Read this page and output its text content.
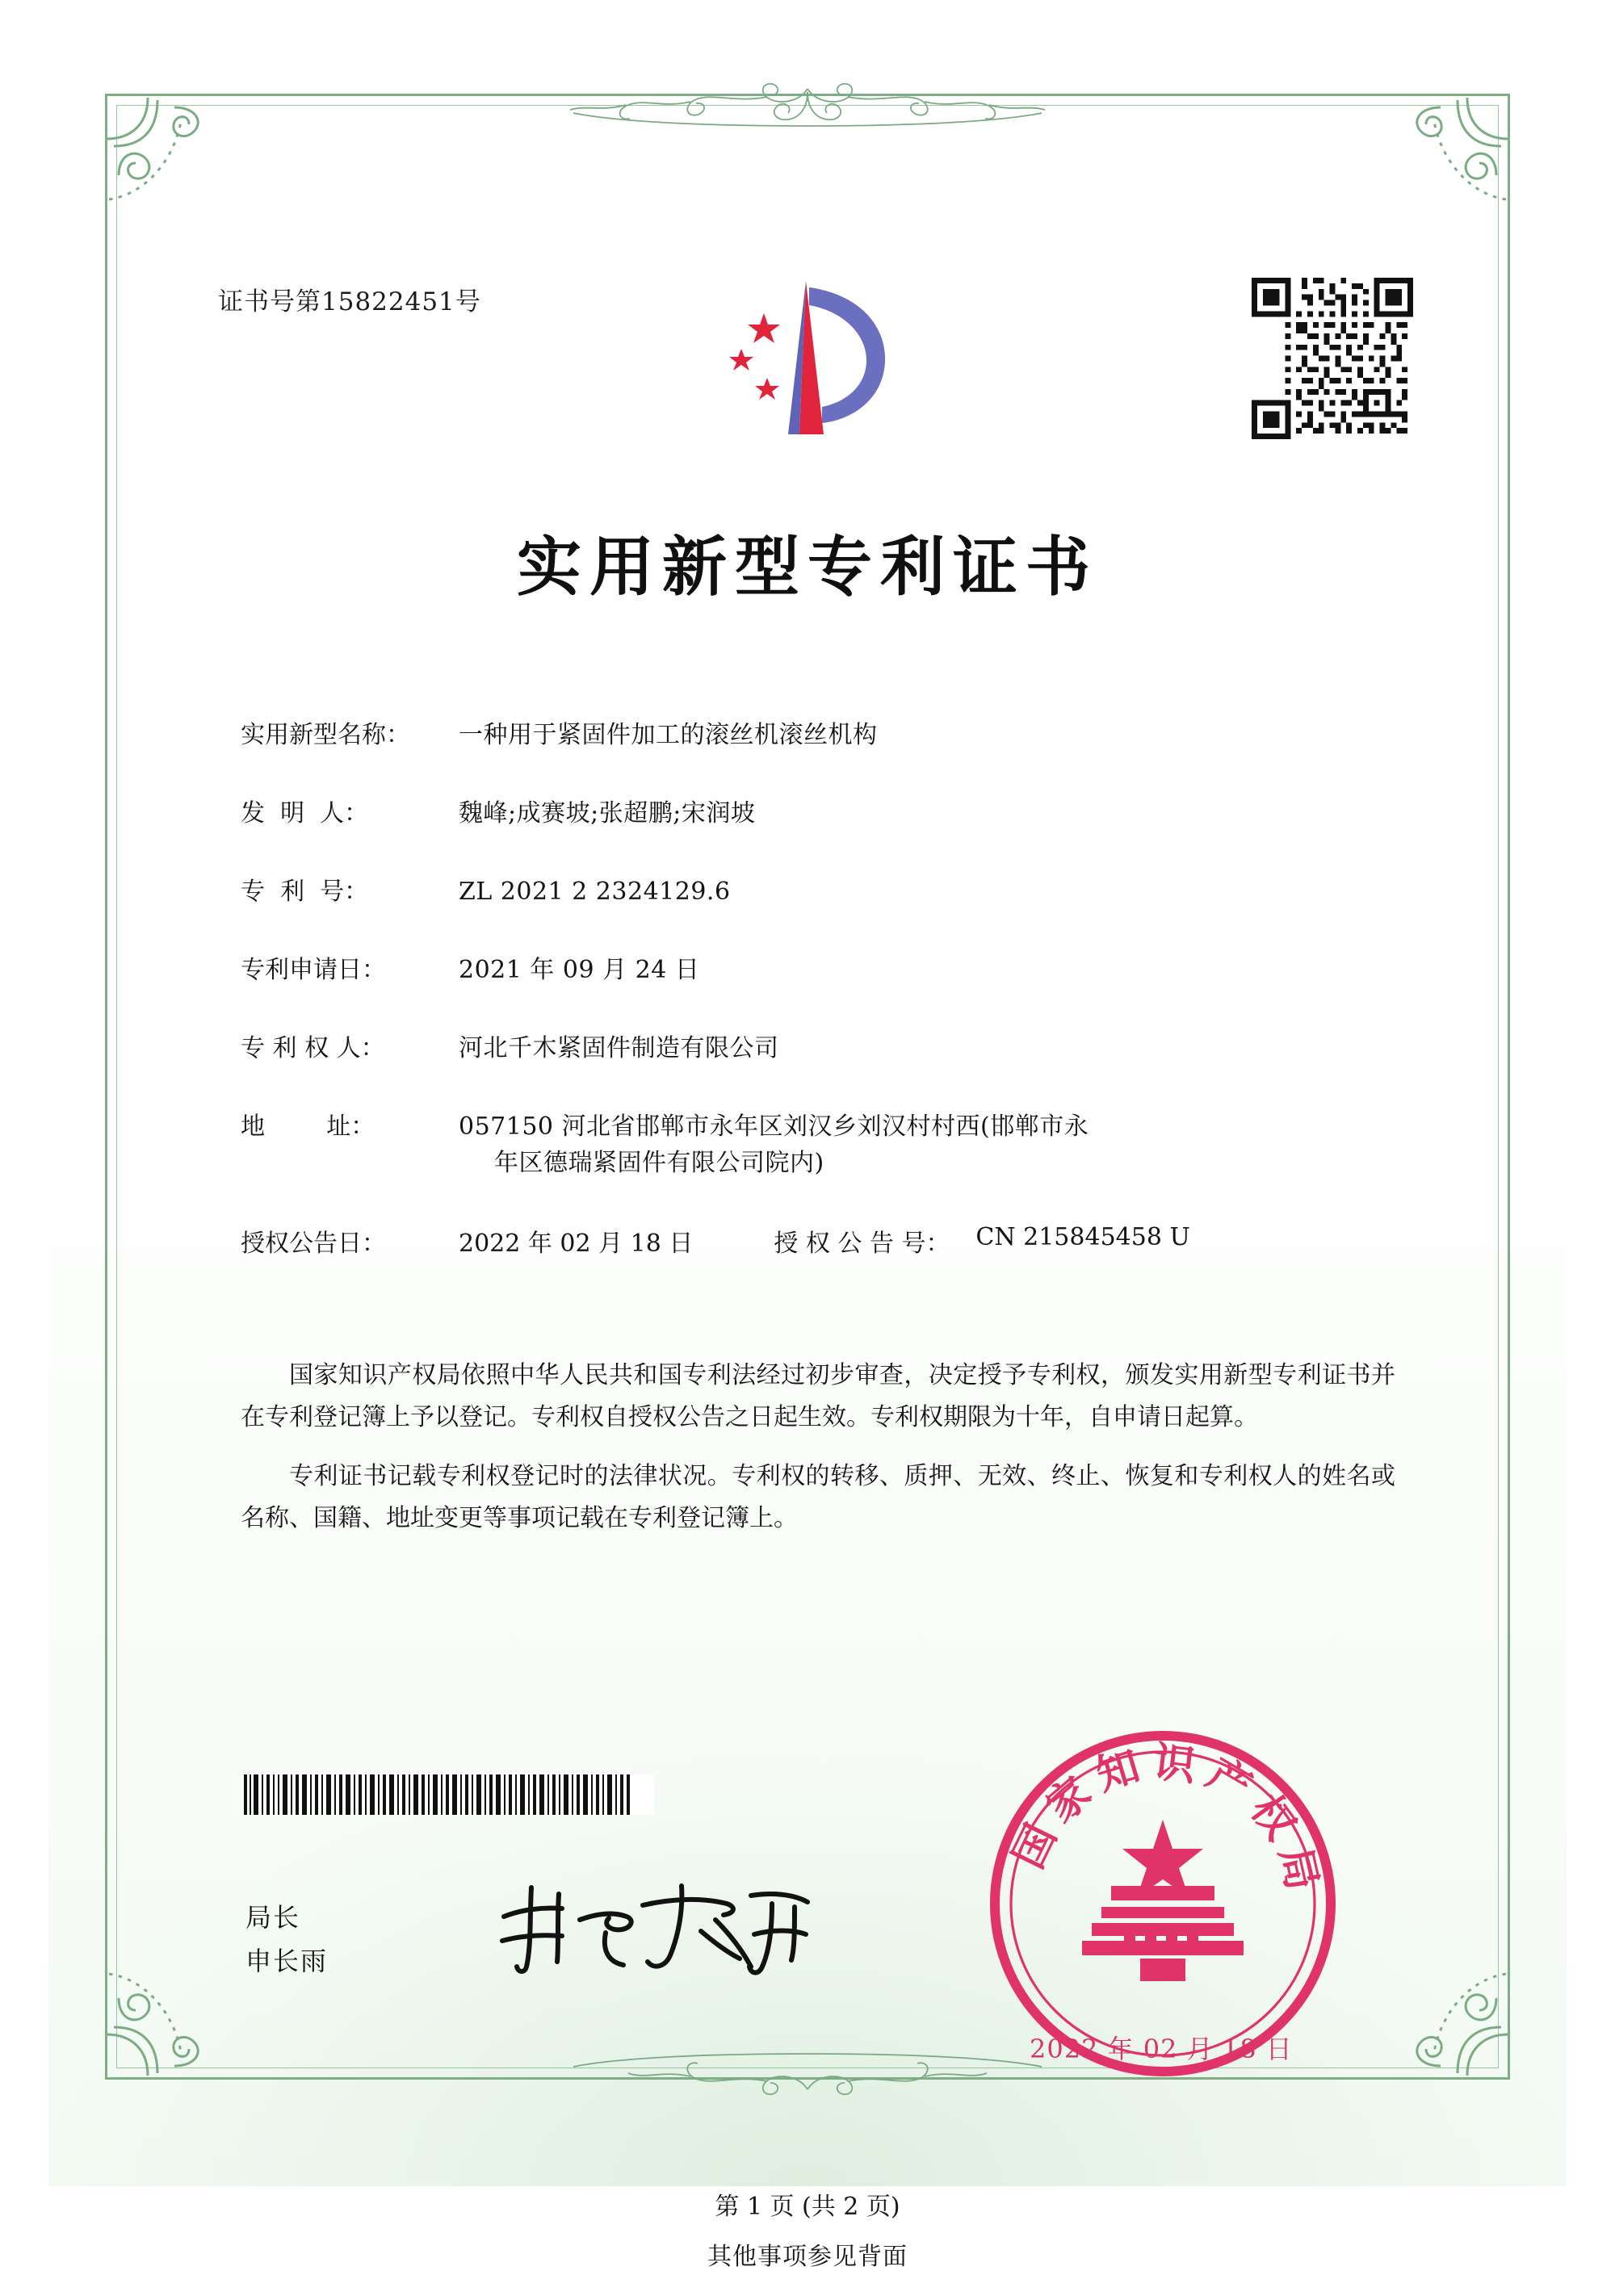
证书号第15822451号
实用新型专利证书
实用新型名称：	一种用于紧固件加工的滚丝机滚丝机构
发  明  人：	魏峰;成赛坡;张超鹏;宋润坡
专  利  号：	ZL 2021 2 2324129.6
专利申请日：	2021 年 09 月 24 日
专 利 权 人：	河北千木紧固件制造有限公司
地        址：	057150 河北省邯郸市永年区刘汉乡刘汉村村西(邯郸市永
年区德瑞紧固件有限公司院内)
授权公告日：	2022 年 02 月 18 日	授 权 公 告 号：	CN 215845458 U

国家知识产权局依照中华人民共和国专利法经过初步审查，决定授予专利权，颁发实用新型专利证书并在专利登记簿上予以登记。专利权自授权公告之日起生效。专利权期限为十年，自申请日起算。

专利证书记载专利权登记时的法律状况。专利权的转移、质押、无效、终止、恢复和专利权人的姓名或名称、国籍、地址变更等事项记载在专利登记簿上。

局长
申长雨
国家知识产权局
2022 年 02 月 18 日
第 1 页 (共 2 页)
其他事项参见背面
